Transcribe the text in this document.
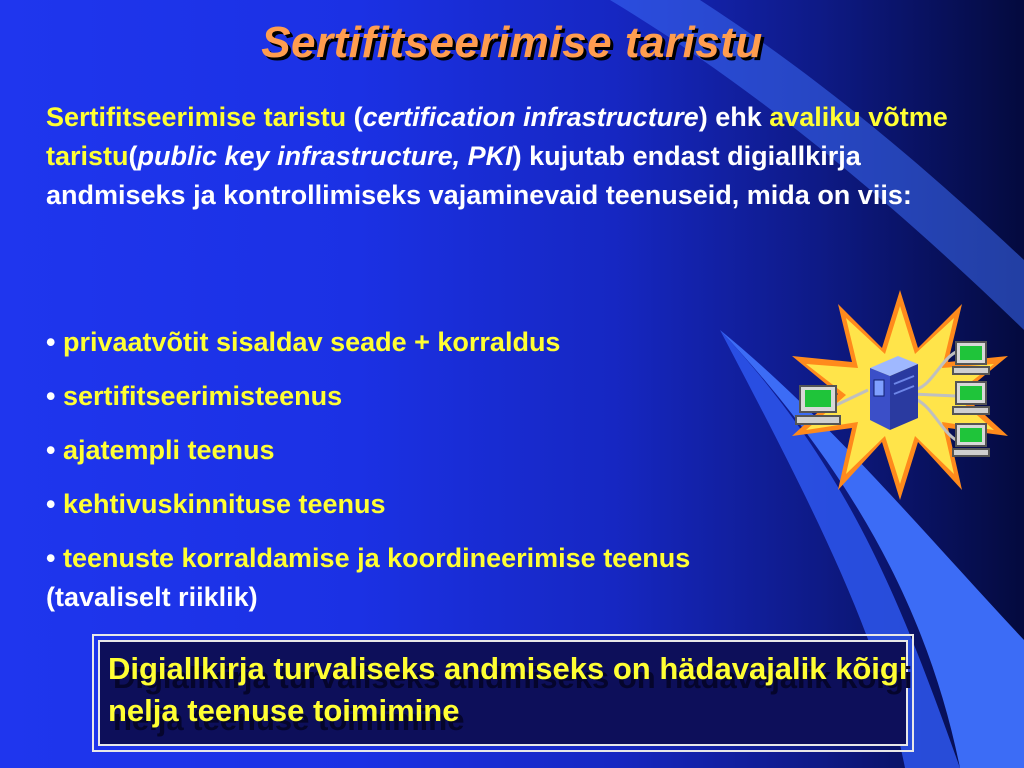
Sertifitseerimise taristu
Sertifitseerimise taristu (certification infrastructure) ehk avaliku võtme taristu(public key infrastructure, PKI) kujutab endast digiallkirja andmiseks ja kontrollimiseks vajaminevaid teenuseid, mida on viis:
• privaatvõtit sisaldav seade + korraldus
• sertifitseerimisteenus
• ajatempli teenus
• kehtivuskinnituse teenus
• teenuste korraldamise ja koordineerimise teenus
(tavaliselt riiklik)
Digiallkirja turvaliseks andmiseks on hädavajalik kõigi nelja teenuse toimimine
